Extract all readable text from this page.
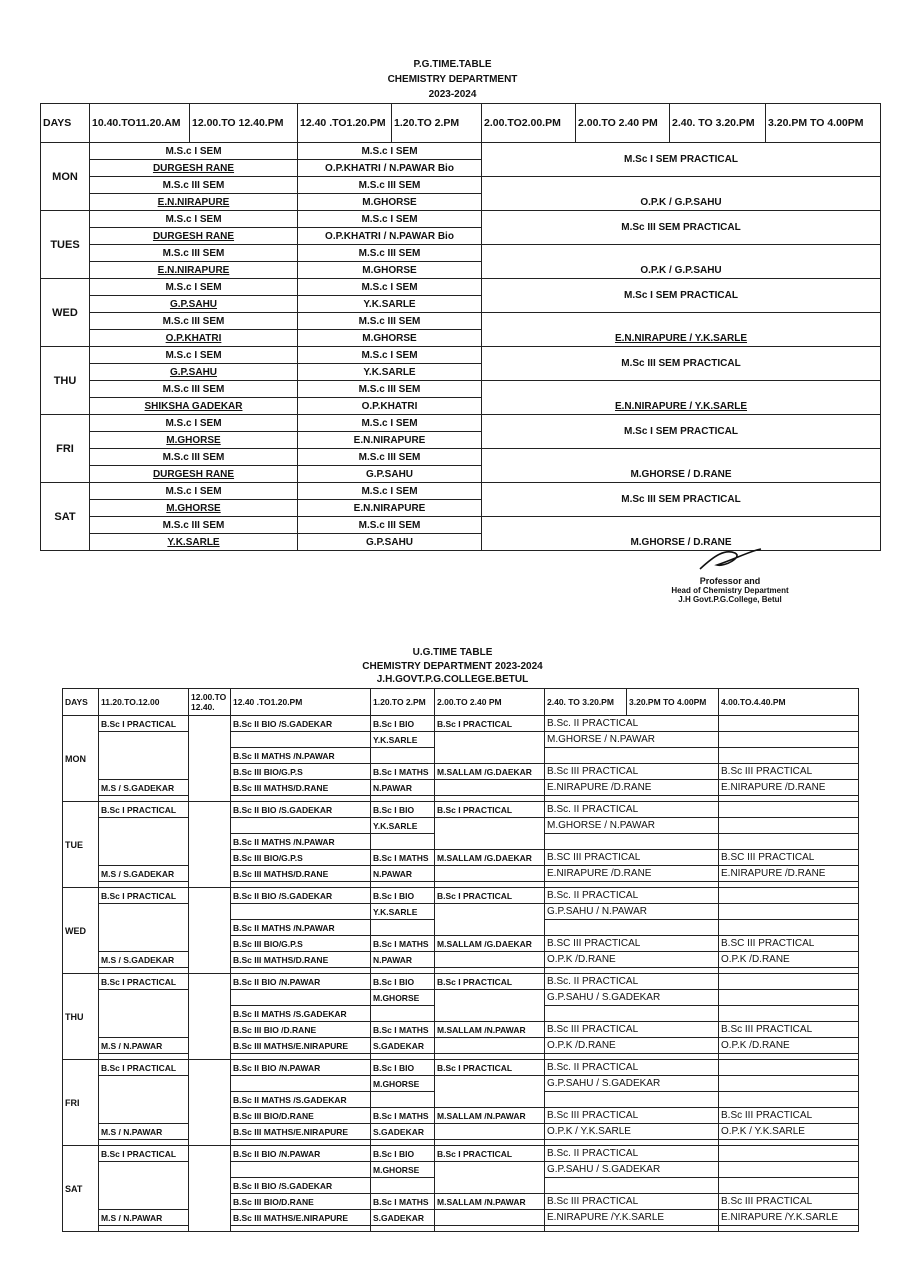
P.G.TIME.TABLE
CHEMISTRY DEPARTMENT
2023-2024
DAYS	10.40.TO11.20.AM	12.00.TO 12.40.PM	12.40 .TO1.20.PM	1.20.TO 2.PM	2.00.TO2.00.PM	2.00.TO 2.40 PM	2.40. TO 3.20.PM	3.20.PM TO 4.00PM
MON	M.S.c I SEM		M.S.c I SEM		M.Sc I SEM PRACTICAL			
	DURGESH RANE		O.P.KHATRI / N.PAWAR Bio					
	M.S.c III SEM		M.S.c III SEM		O.P.K / G.P.SAHU			
	E.N.NIRAPURE		M.GHORSE					
TUES	M.S.c I SEM		M.S.c I SEM		M.Sc III SEM PRACTICAL			
	DURGESH RANE		O.P.KHATRI / N.PAWAR Bio					
	M.S.c III SEM		M.S.c III SEM		O.P.K / G.P.SAHU			
	E.N.NIRAPURE		M.GHORSE					
WED	M.S.c I SEM		M.S.c I SEM		M.Sc I SEM PRACTICAL			
	G.P.SAHU		Y.K.SARLE					
	M.S.c III SEM		M.S.c III SEM		E.N.NIRAPURE / Y.K.SARLE			
	O.P.KHATRI		M.GHORSE					
THU	M.S.c I SEM		M.S.c I SEM		M.Sc III SEM PRACTICAL			
	G.P.SAHU		Y.K.SARLE					
	M.S.c III SEM		M.S.c III SEM		E.N.NIRAPURE / Y.K.SARLE			
	SHIKSHA GADEKAR		O.P.KHATRI					
FRI	M.S.c I SEM		M.S.c I SEM		M.Sc I SEM PRACTICAL			
	M.GHORSE		E.N.NIRAPURE					
	M.S.c III SEM		M.S.c III SEM		M.GHORSE / D.RANE			
	DURGESH RANE		G.P.SAHU					
SAT	M.S.c I SEM		M.S.c I SEM		M.Sc III SEM PRACTICAL			
	M.GHORSE		E.N.NIRAPURE					
	M.S.c III SEM		M.S.c III SEM		M.GHORSE / D.RANE			
	Y.K.SARLE		G.P.SAHU					
Professor and
Head of Chemistry Department
J.H Govt.P.G.College, Betul
U.G.TIME TABLE
CHEMISTRY DEPARTMENT 2023-2024
J.H.GOVT.P.G.COLLEGE.BETUL
DAYS	11.20.TO.12.00	12.00.TO 12.40.	12.40 .TO1.20.PM	1.20.TO 2.PM	2.00.TO 2.40 PM	2.40. TO 3.20.PM	3.20.PM TO 4.00PM	4.00.TO.4.40.PM
MON	B.Sc I PRACTICAL		B.Sc II BIO /S.GADEKAR	B.Sc I BIO	B.Sc I PRACTICAL	B.Sc. II PRACTICAL		
				Y.K.SARLE		M.GHORSE / N.PAWAR		
			B.Sc II MATHS /N.PAWAR					
			B.Sc III BIO/G.P.S	B.Sc I MATHS	M.SALLAM /G.DAEKAR	B.Sc III PRACTICAL		B.Sc III PRACTICAL
	M.S / S.GADEKAR		B.Sc III MATHS/D.RANE	N.PAWAR		E.NIRAPURE /D.RANE		E.NIRAPURE /D.RANE

TUE	B.Sc I PRACTICAL		B.Sc II BIO /S.GADEKAR	B.Sc I BIO	B.Sc I PRACTICAL	B.Sc. II PRACTICAL		
				Y.K.SARLE		M.GHORSE / N.PAWAR		
			B.Sc II MATHS /N.PAWAR					
			B.Sc III BIO/G.P.S	B.Sc I MATHS	M.SALLAM /G.DAEKAR	B.SC III PRACTICAL		B.SC III PRACTICAL
	M.S / S.GADEKAR		B.Sc III MATHS/D.RANE	N.PAWAR		E.NIRAPURE /D.RANE		E.NIRAPURE /D.RANE

WED	B.Sc I PRACTICAL		B.Sc II BIO /S.GADEKAR	B.Sc I BIO	B.Sc I PRACTICAL	B.Sc. II PRACTICAL		
				Y.K.SARLE		G.P.SAHU / N.PAWAR		
			B.Sc II MATHS /N.PAWAR					
			B.Sc III BIO/G.P.S	B.Sc I MATHS	M.SALLAM /G.DAEKAR	B.SC III PRACTICAL		B.SC III PRACTICAL
	M.S / S.GADEKAR		B.Sc III MATHS/D.RANE	N.PAWAR		O.P.K /D.RANE		O.P.K /D.RANE

THU	B.Sc I PRACTICAL		B.Sc II BIO /N.PAWAR	B.Sc I BIO	B.Sc I PRACTICAL	B.Sc. II PRACTICAL		
				M.GHORSE		G.P.SAHU / S.GADEKAR		
			B.Sc II MATHS /S.GADEKAR					
			B.Sc III BIO /D.RANE	B.Sc I MATHS	M.SALLAM /N.PAWAR	B.Sc III PRACTICAL		B.Sc III PRACTICAL
	M.S / N.PAWAR		B.Sc III MATHS/E.NIRAPURE	S.GADEKAR		O.P.K /D.RANE		O.P.K /D.RANE

FRI	B.Sc I PRACTICAL		B.Sc II BIO /N.PAWAR	B.Sc I BIO	B.Sc I PRACTICAL	B.Sc. II PRACTICAL		
				M.GHORSE		G.P.SAHU / S.GADEKAR		
			B.Sc II MATHS /S.GADEKAR					
			B.Sc III BIO/D.RANE	B.Sc I MATHS	M.SALLAM /N.PAWAR	B.Sc III PRACTICAL		B.Sc III PRACTICAL
	M.S / N.PAWAR		B.Sc III MATHS/E.NIRAPURE	S.GADEKAR		O.P.K / Y.K.SARLE		O.P.K / Y.K.SARLE

SAT	B.Sc I PRACTICAL		B.Sc II BIO /N.PAWAR	B.Sc I BIO	B.Sc I PRACTICAL	B.Sc. II PRACTICAL		
				M.GHORSE		G.P.SAHU / S.GADEKAR		
			B.Sc II BIO /S.GADEKAR					
			B.Sc III BIO/D.RANE	B.Sc I MATHS	M.SALLAM /N.PAWAR	B.Sc III PRACTICAL		B.Sc III PRACTICAL
	M.S / N.PAWAR		B.Sc III MATHS/E.NIRAPURE	S.GADEKAR		E.NIRAPURE /Y.K.SARLE		E.NIRAPURE /Y.K.SARLE
